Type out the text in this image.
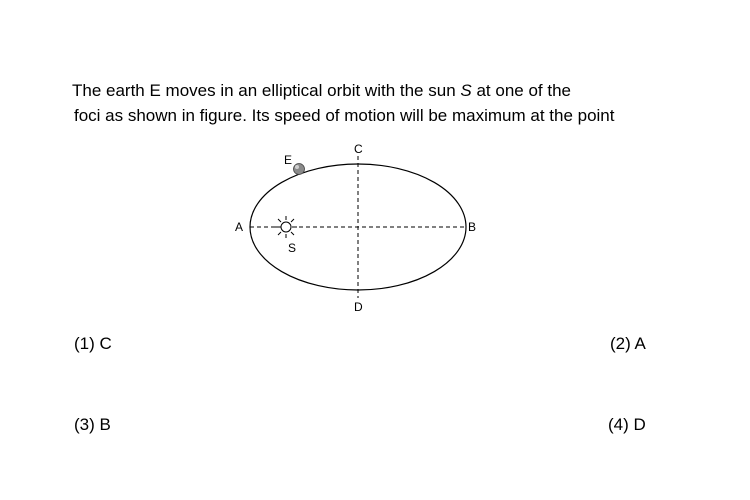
The earth E moves in an elliptical orbit with the sun S at one of the

foci as shown in figure. Its speed of motion will be maximum at the point

E
C
A	B
D
S
(1) C	(2) A
(3) B	(4) D
